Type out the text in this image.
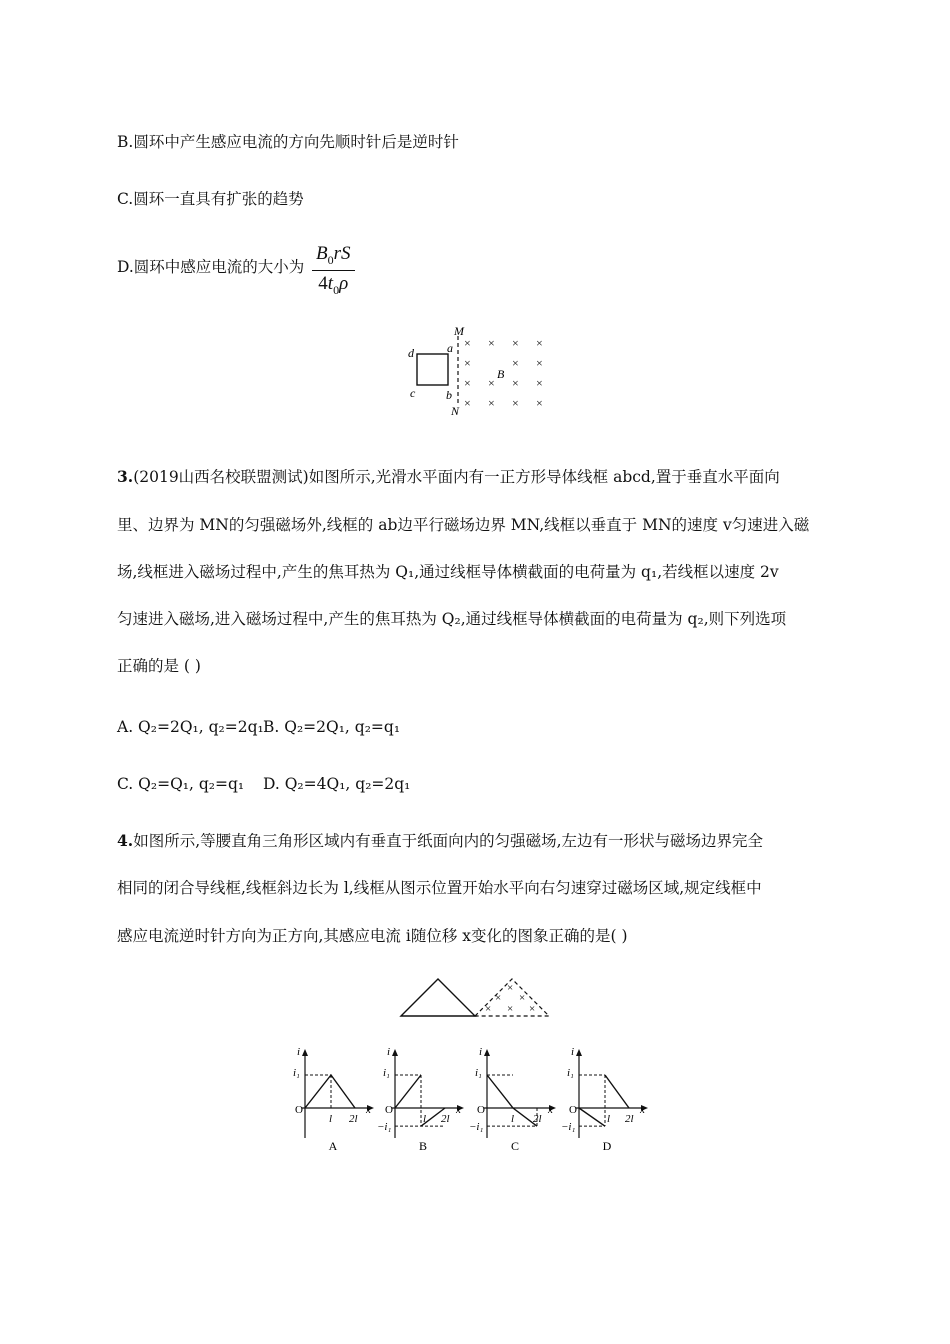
B.圆环中产生感应电流的方向先顺时针后是逆时针
C.圆环一直具有扩张的趋势
D.圆环中感应电流的大小为 $\frac{B_0rS}{4t_0\rho}$
M
N
a
b
c
d
× × × ×
×	× ×
× × × ×
× × × ×
B
3.(2019山西名校联盟测试)如图所示,光滑水平面内有一正方形导体线框 abcd,置于垂直水平面向
里、边界为 MN的匀强磁场外,线框的 ab边平行磁场边界 MN,线框以垂直于 MN的速度 v匀速进入磁
场,线框进入磁场过程中,产生的焦耳热为 Q₁,通过线框导体横截面的电荷量为 q₁,若线框以速度 2v
匀速进入磁场,进入磁场过程中,产生的焦耳热为 Q₂,通过线框导体横截面的电荷量为 q₂,则下列选项
正确的是 ( )
A. Q₂=2Q₁, q₂=2q₁ B. Q₂=2Q₁, q₂=q₁
C. Q₂=Q₁, q₂=q₁ D. Q₂=4Q₁, q₂=2q₁
4.如图所示,等腰直角三角形区域内有垂直于纸面向内的匀强磁场,左边有一形状与磁场边界完全
相同的闭合导线框,线框斜边长为 l,线框从图示位置开始水平向右匀速穿过磁场区域,规定线框中
感应电流逆时针方向为正方向,其感应电流 i随位移 x变化的图象正确的是( )
×
× ×
× × ×
i
x
O
i₁
l 2l
A
i
x
O
i₁
−i₁
l 2l
B
i
x
O
i₁
−i₁
l 2l
C
i
x
O
i₁
−i₁
l 2l
D
